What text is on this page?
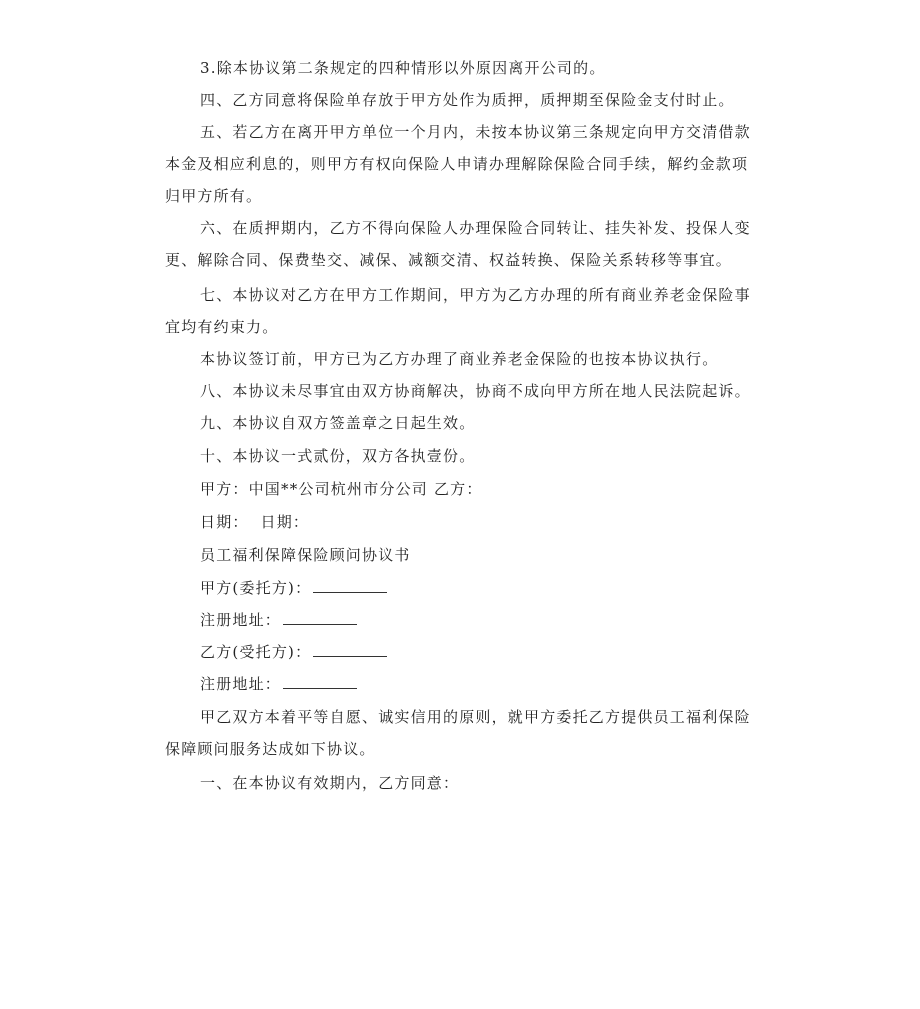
3.除本协议第二条规定的四种情形以外原因离开公司的。

四、乙方同意将保险单存放于甲方处作为质押，质押期至保险金支付时止。

五、若乙方在离开甲方单位一个月内，未按本协议第三条规定向甲方交清借款本金及相应利息的，则甲方有权向保险人申请办理解除保险合同手续，解约金款项归甲方所有。

六、在质押期内，乙方不得向保险人办理保险合同转让、挂失补发、投保人变更、解除合同、保费垫交、减保、减额交清、权益转换、保险关系转移等事宜。

七、本协议对乙方在甲方工作期间，甲方为乙方办理的所有商业养老金保险事宜均有约束力。

本协议签订前，甲方已为乙方办理了商业养老金保险的也按本协议执行。

八、本协议未尽事宜由双方协商解决，协商不成向甲方所在地人民法院起诉。

九、本协议自双方签盖章之日起生效。

十、本协议一式贰份，双方各执壹份。

甲方：中国**公司杭州市分公司 乙方：

日期：  日期：

员工福利保障保险顾问协议书

甲方(委托方)：

注册地址：

乙方(受托方)：

注册地址：

甲乙双方本着平等自愿、诚实信用的原则，就甲方委托乙方提供员工福利保险保障顾问服务达成如下协议。

一、在本协议有效期内，乙方同意：
